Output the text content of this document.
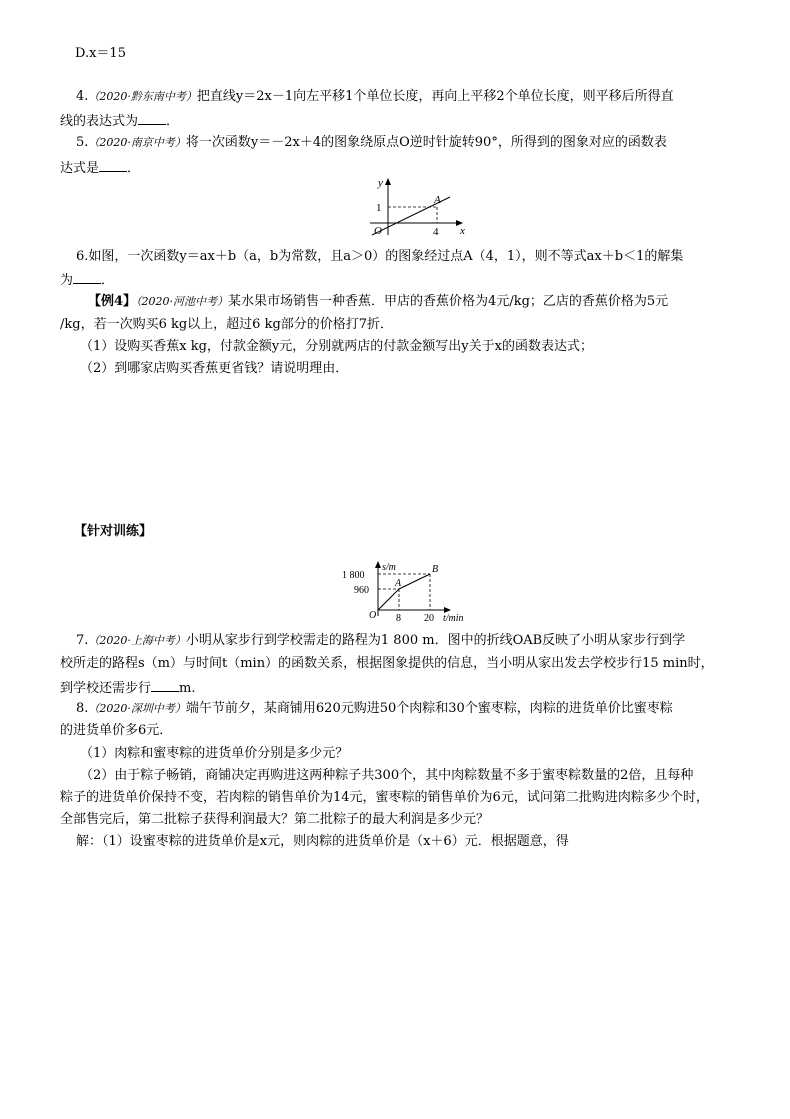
D.x＝15
4.（2020·黔东南中考）把直线y＝2x－1向左平移1个单位长度，再向上平移2个单位长度，则平移后所得直
线的表达式为 ．
5.（2020·南京中考）将一次函数y＝－2x＋4的图象绕原点O逆时针旋转90°，所得到的图象对应的函数表
达式是 ．
y
x
O
A
1
4
6.如图，一次函数y＝ax＋b（a，b为常数，且a＞0）的图象经过点A（4，1），则不等式ax＋b＜1的解集
为 ．
【例4】（2020·河池中考）某水果市场销售一种香蕉．甲店的香蕉价格为4元/kg；乙店的香蕉价格为5元
/kg，若一次购买6 kg以上，超过6 kg部分的价格打7折．
（1）设购买香蕉x kg，付款金额y元，分别就两店的付款金额写出y关于x的函数表达式；
（2）到哪家店购买香蕉更省钱？请说明理由．
【针对训练】
s/m
t/min
1 800
960
O
A
B
8 20
7.（2020·上海中考）小明从家步行到学校需走的路程为1 800 m．图中的折线OAB反映了小明从家步行到学
校所走的路程s（m）与时间t（min）的函数关系，根据图象提供的信息，当小明从家出发去学校步行15 min时，
到学校还需步行 m.
8.（2020·深圳中考）端午节前夕，某商铺用620元购进50个肉粽和30个蜜枣粽，肉粽的进货单价比蜜枣粽
的进货单价多6元．
（1）肉粽和蜜枣粽的进货单价分别是多少元？
（2）由于粽子畅销，商铺决定再购进这两种粽子共300个，其中肉粽数量不多于蜜枣粽数量的2倍，且每种
粽子的进货单价保持不变，若肉粽的销售单价为14元，蜜枣粽的销售单价为6元，试问第二批购进肉粽多少个时，
全部售完后，第二批粽子获得利润最大？第二批粽子的最大利润是多少元？
解：（1）设蜜枣粽的进货单价是x元，则肉粽的进货单价是（x＋6）元．根据题意，得
